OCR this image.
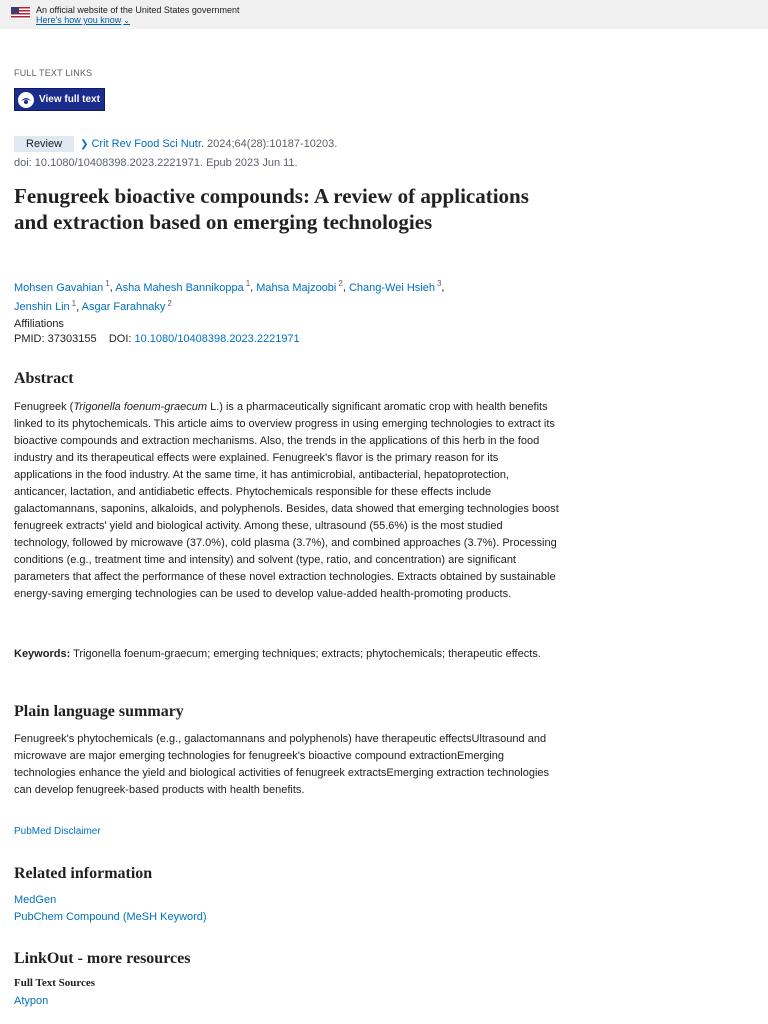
An official website of the United States government
Here's how you know ⌄
FULL TEXT LINKS
View full text
Review ❯ Crit Rev Food Sci Nutr. 2024;64(28):10187-10203.
doi: 10.1080/10408398.2023.2221971. Epub 2023 Jun 11.
Fenugreek bioactive compounds: A review of applications and extraction based on emerging technologies
Mohsen Gavahian $^1$, Asha Mahesh Bannikoppa $^1$, Mahsa Majzoobi $^2$, Chang-Wei Hsieh $^3$,
Jenshin Lin $^1$, Asgar Farahnaky $^2$
Affiliations
PMID: 37303155 DOI: 10.1080/10408398.2023.2221971
Abstract

Fenugreek (Trigonella foenum-graecum L.) is a pharmaceutically significant aromatic crop with health benefits linked to its phytochemicals. This article aims to overview progress in using emerging technologies to extract its bioactive compounds and extraction mechanisms. Also, the trends in the applications of this herb in the food industry and its therapeutical effects were explained. Fenugreek's flavor is the primary reason for its applications in the food industry. At the same time, it has antimicrobial, antibacterial, hepatoprotection, anticancer, lactation, and antidiabetic effects. Phytochemicals responsible for these effects include galactomannans, saponins, alkaloids, and polyphenols. Besides, data showed that emerging technologies boost fenugreek extracts' yield and biological activity. Among these, ultrasound (55.6%) is the most studied technology, followed by microwave (37.0%), cold plasma (3.7%), and combined approaches (3.7%). Processing conditions (e.g., treatment time and intensity) and solvent (type, ratio, and concentration) are significant parameters that affect the performance of these novel extraction technologies. Extracts obtained by sustainable energy-saving emerging technologies can be used to develop value-added health-promoting products.

Keywords: Trigonella foenum-graecum; emerging techniques; extracts; phytochemicals; therapeutic effects.

Plain language summary

Fenugreek's phytochemicals (e.g., galactomannans and polyphenols) have therapeutic effectsUltrasound and microwave are major emerging technologies for fenugreek's bioactive compound extractionEmerging technologies enhance the yield and biological activities of fenugreek extractsEmerging extraction technologies can develop fenugreek-based products with health benefits.

PubMed Disclaimer
Related information
MedGen
PubChem Compound (MeSH Keyword)
LinkOut - more resources
Full Text Sources
Atypon
